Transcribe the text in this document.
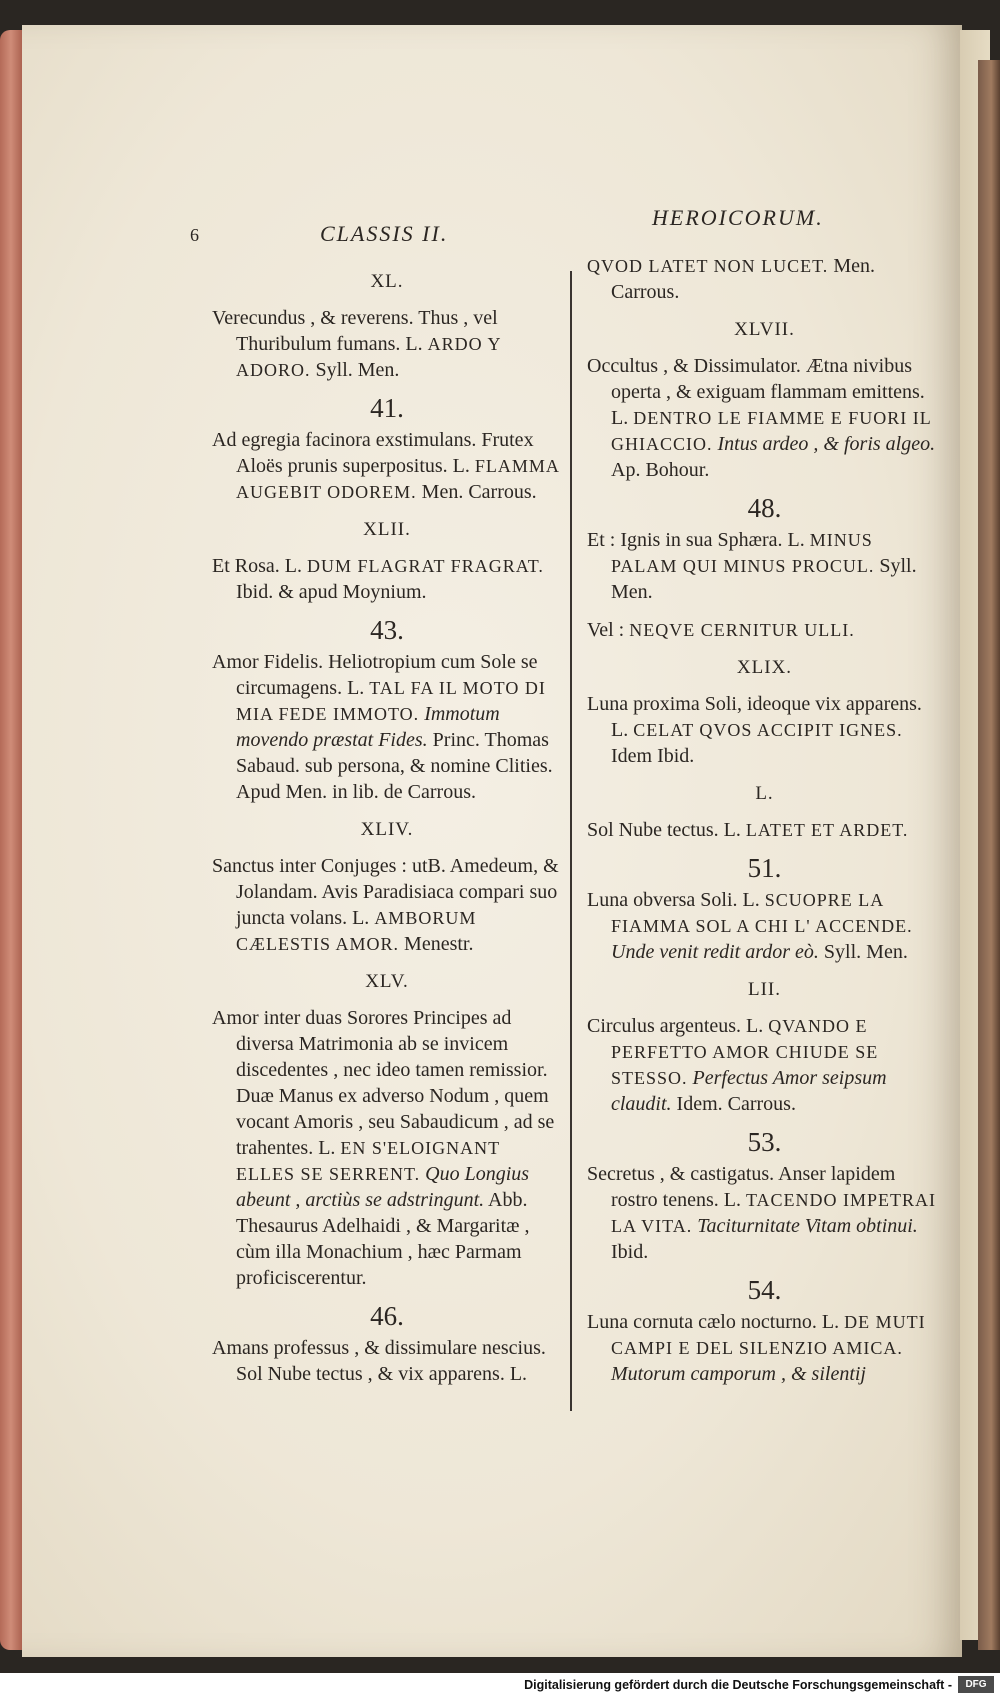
6	CLASSIS II.
HEROICORUM.
XL.
Verecundus , & reverens. Thus , vel Thuribulum fumans. L. ARDO Y ADORO. Syll. Men.
41.
Ad egregia facinora exstimulans. Frutex Aloës prunis superpositus. L. FLAMMA AUGEBIT ODOREM. Men. Carrous.
XLII.
Et Rosa. L. DUM FLAGRAT FRAGRAT. Ibid. & apud Moynium.
43.
Amor Fidelis. Heliotropium cum Sole se circumagens. L. TAL FA IL MOTO DI MIA FEDE IMMOTO. Immotum movendo præstat Fides. Princ. Thomas Sabaud. sub persona, & nomine Clities. Apud Men. in lib. de Carrous.
XLIV.
Sanctus inter Conjuges : utB. Amedeum, & Jolandam. Avis Paradisiaca compari suo juncta volans. L. AMBORUM CÆLESTIS AMOR. Menestr.
XLV.
Amor inter duas Sorores Principes ad diversa Matrimonia ab se invicem discedentes , nec ideo tamen remissior. Duæ Manus ex adverso Nodum , quem vocant Amoris , seu Sabaudicum , ad se trahentes. L. EN S'ELOIGNANT ELLES SE SERRENT. Quo Longius abeunt , arctiùs se adstringunt. Abb. Thesaurus Adelhaidi , & Margaritæ , cùm illa Monachium , hæc Parmam proficiscerentur.
46.
Amans professus , & dissimulare nescius. Sol Nube tectus , & vix apparens. L.
QVOD LATET NON LUCET. Men. Carrous.
XLVII.
Occultus , & Dissimulator. Ætna nivibus operta , & exiguam flammam emittens. L. DENTRO LE FIAMME E FUORI IL GHIACCIO. Intus ardeo , & foris algeo. Ap. Bohour.
48.
Et : Ignis in sua Sphæra. L. MINUS PALAM QUI MINUS PROCUL. Syll. Men.
Vel : NEQVE CERNITUR ULLI.
XLIX.
Luna proxima Soli, ideoque vix apparens. L. CELAT QVOS ACCIPIT IGNES. Idem Ibid.
L.
Sol Nube tectus. L. LATET ET ARDET.
51.
Luna obversa Soli. L. SCUOPRE LA FIAMMA SOL A CHI L' ACCENDE. Unde venit redit ardor eò. Syll. Men.
LII.
Circulus argenteus. L. QVANDO E PERFETTO AMOR CHIUDE SE STESSO. Perfectus Amor seipsum claudit. Idem. Carrous.
53.
Secretus , & castigatus. Anser lapidem rostro tenens. L. TACENDO IMPETRAI LA VITA. Taciturnitate Vitam obtinui. Ibid.
54.
Luna cornuta cælo nocturno. L. DE MUTI CAMPI E DEL SILENZIO AMICA. Mutorum camporum , & silentij
Digitalisierung gefördert durch die Deutsche Forschungsgemeinschaft -	DFG
